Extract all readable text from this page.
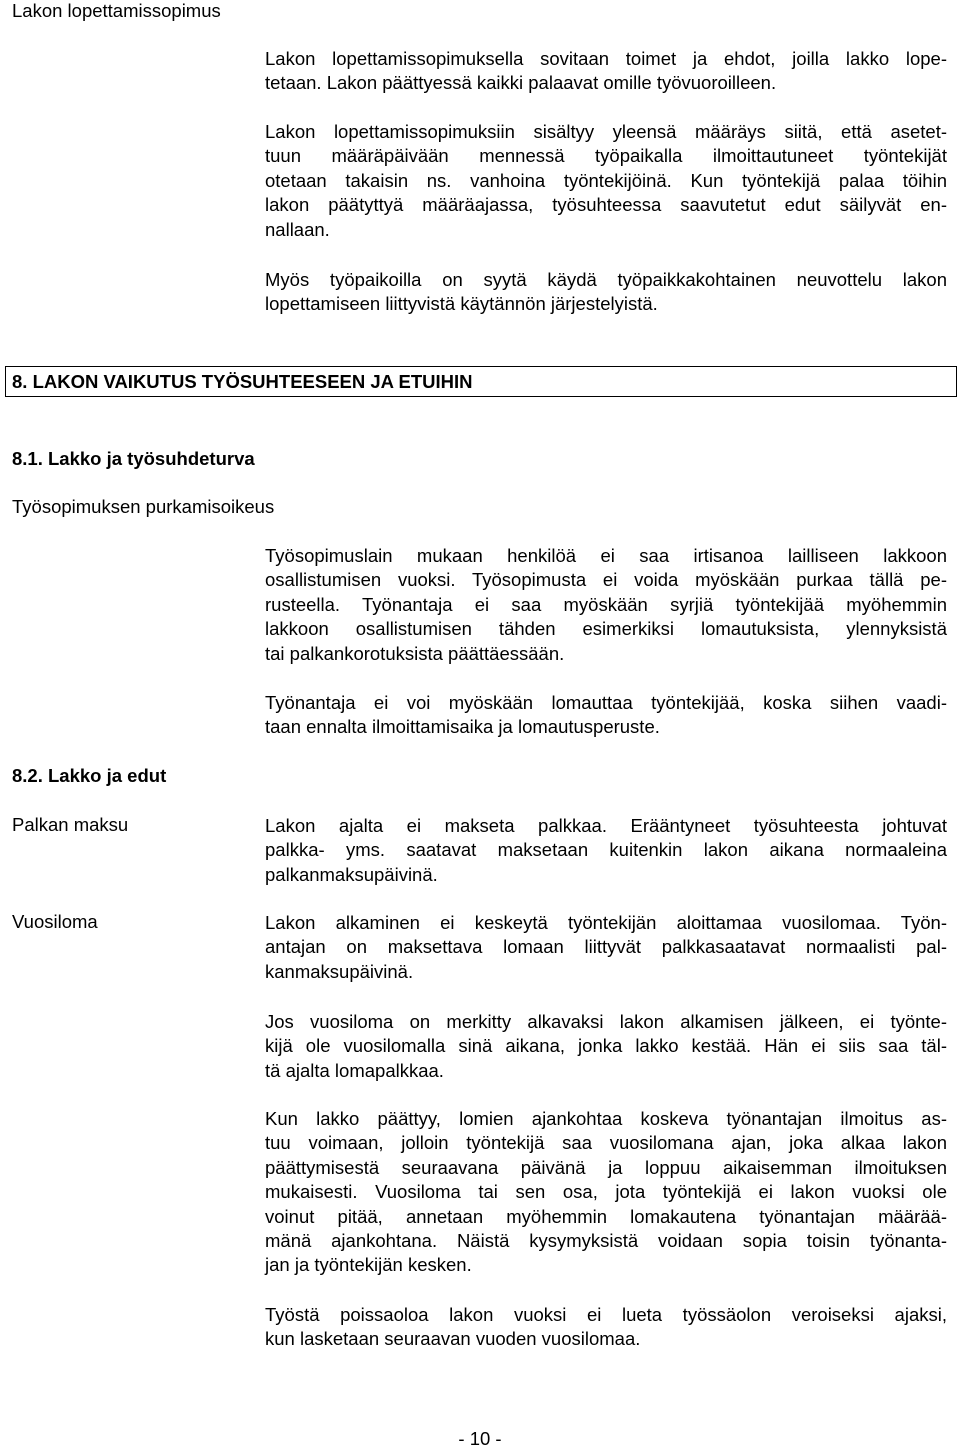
Lakon lopettamissopimus

Lakon lopettamissopimuksella sovitaan toimet ja ehdot, joilla lakko lope-
tetaan. Lakon päättyessä kaikki palaavat omille työvuoroilleen.
Lakon lopettamissopimuksiin sisältyy yleensä määräys siitä, että asetet-
tuun määräpäivään mennessä työpaikalla ilmoittautuneet työntekijät
otetaan takaisin ns. vanhoina työntekijöinä. Kun työntekijä palaa töihin
lakon päätyttyä määräajassa, työsuhteessa saavutetut edut säilyvät en-
nallaan.
Myös työpaikoilla on syytä käydä työpaikkakohtainen neuvottelu lakon
lopettamiseen liittyvistä käytännön järjestelyistä.
8. LAKON VAIKUTUS TYÖSUHTEESEEN JA ETUIHIN

8.1. Lakko ja työsuhdeturva

Työsopimuksen purkamisoikeus

Työsopimuslain mukaan henkilöä ei saa irtisanoa lailliseen lakkoon
osallistumisen vuoksi. Työsopimusta ei voida myöskään purkaa tällä pe-
rusteella. Työnantaja ei saa myöskään syrjiä työntekijää myöhemmin
lakkoon osallistumisen tähden esimerkiksi lomautuksista, ylennyksistä
tai palkankorotuksista päättäessään.
Työnantaja ei voi myöskään lomauttaa työntekijää, koska siihen vaadi-
taan ennalta ilmoittamisaika ja lomautusperuste.

8.2. Lakko ja edut

Palkan maksu	Lakon ajalta ei makseta palkkaa. Erääntyneet työsuhteesta johtuvat
palkka- yms. saatavat maksetaan kuitenkin lakon aikana normaaleina
palkanmaksupäivinä.

Vuosiloma	Lakon alkaminen ei keskeytä työntekijän aloittamaa vuosilomaa. Työn-
antajan on maksettava lomaan liittyvät palkkasaatavat normaalisti pal-
kanmaksupäivinä.
Jos vuosiloma on merkitty alkavaksi lakon alkamisen jälkeen, ei työnte-
kijä ole vuosilomalla sinä aikana, jonka lakko kestää. Hän ei siis saa täl-
tä ajalta lomapalkkaa.
Kun lakko päättyy, lomien ajankohtaa koskeva työnantajan ilmoitus as-
tuu voimaan, jolloin työntekijä saa vuosilomana ajan, joka alkaa lakon
päättymisestä seuraavana päivänä ja loppuu aikaisemman ilmoituksen
mukaisesti. Vuosiloma tai sen osa, jota työntekijä ei lakon vuoksi ole
voinut pitää, annetaan myöhemmin lomakautena työnantajan määrää-
mänä ajankohtana. Näistä kysymyksistä voidaan sopia toisin työnanta-
jan ja työntekijän kesken.
Työstä poissaoloa lakon vuoksi ei lueta työssäolon veroiseksi ajaksi,
kun lasketaan seuraavan vuoden vuosilomaa.

- 10 -
